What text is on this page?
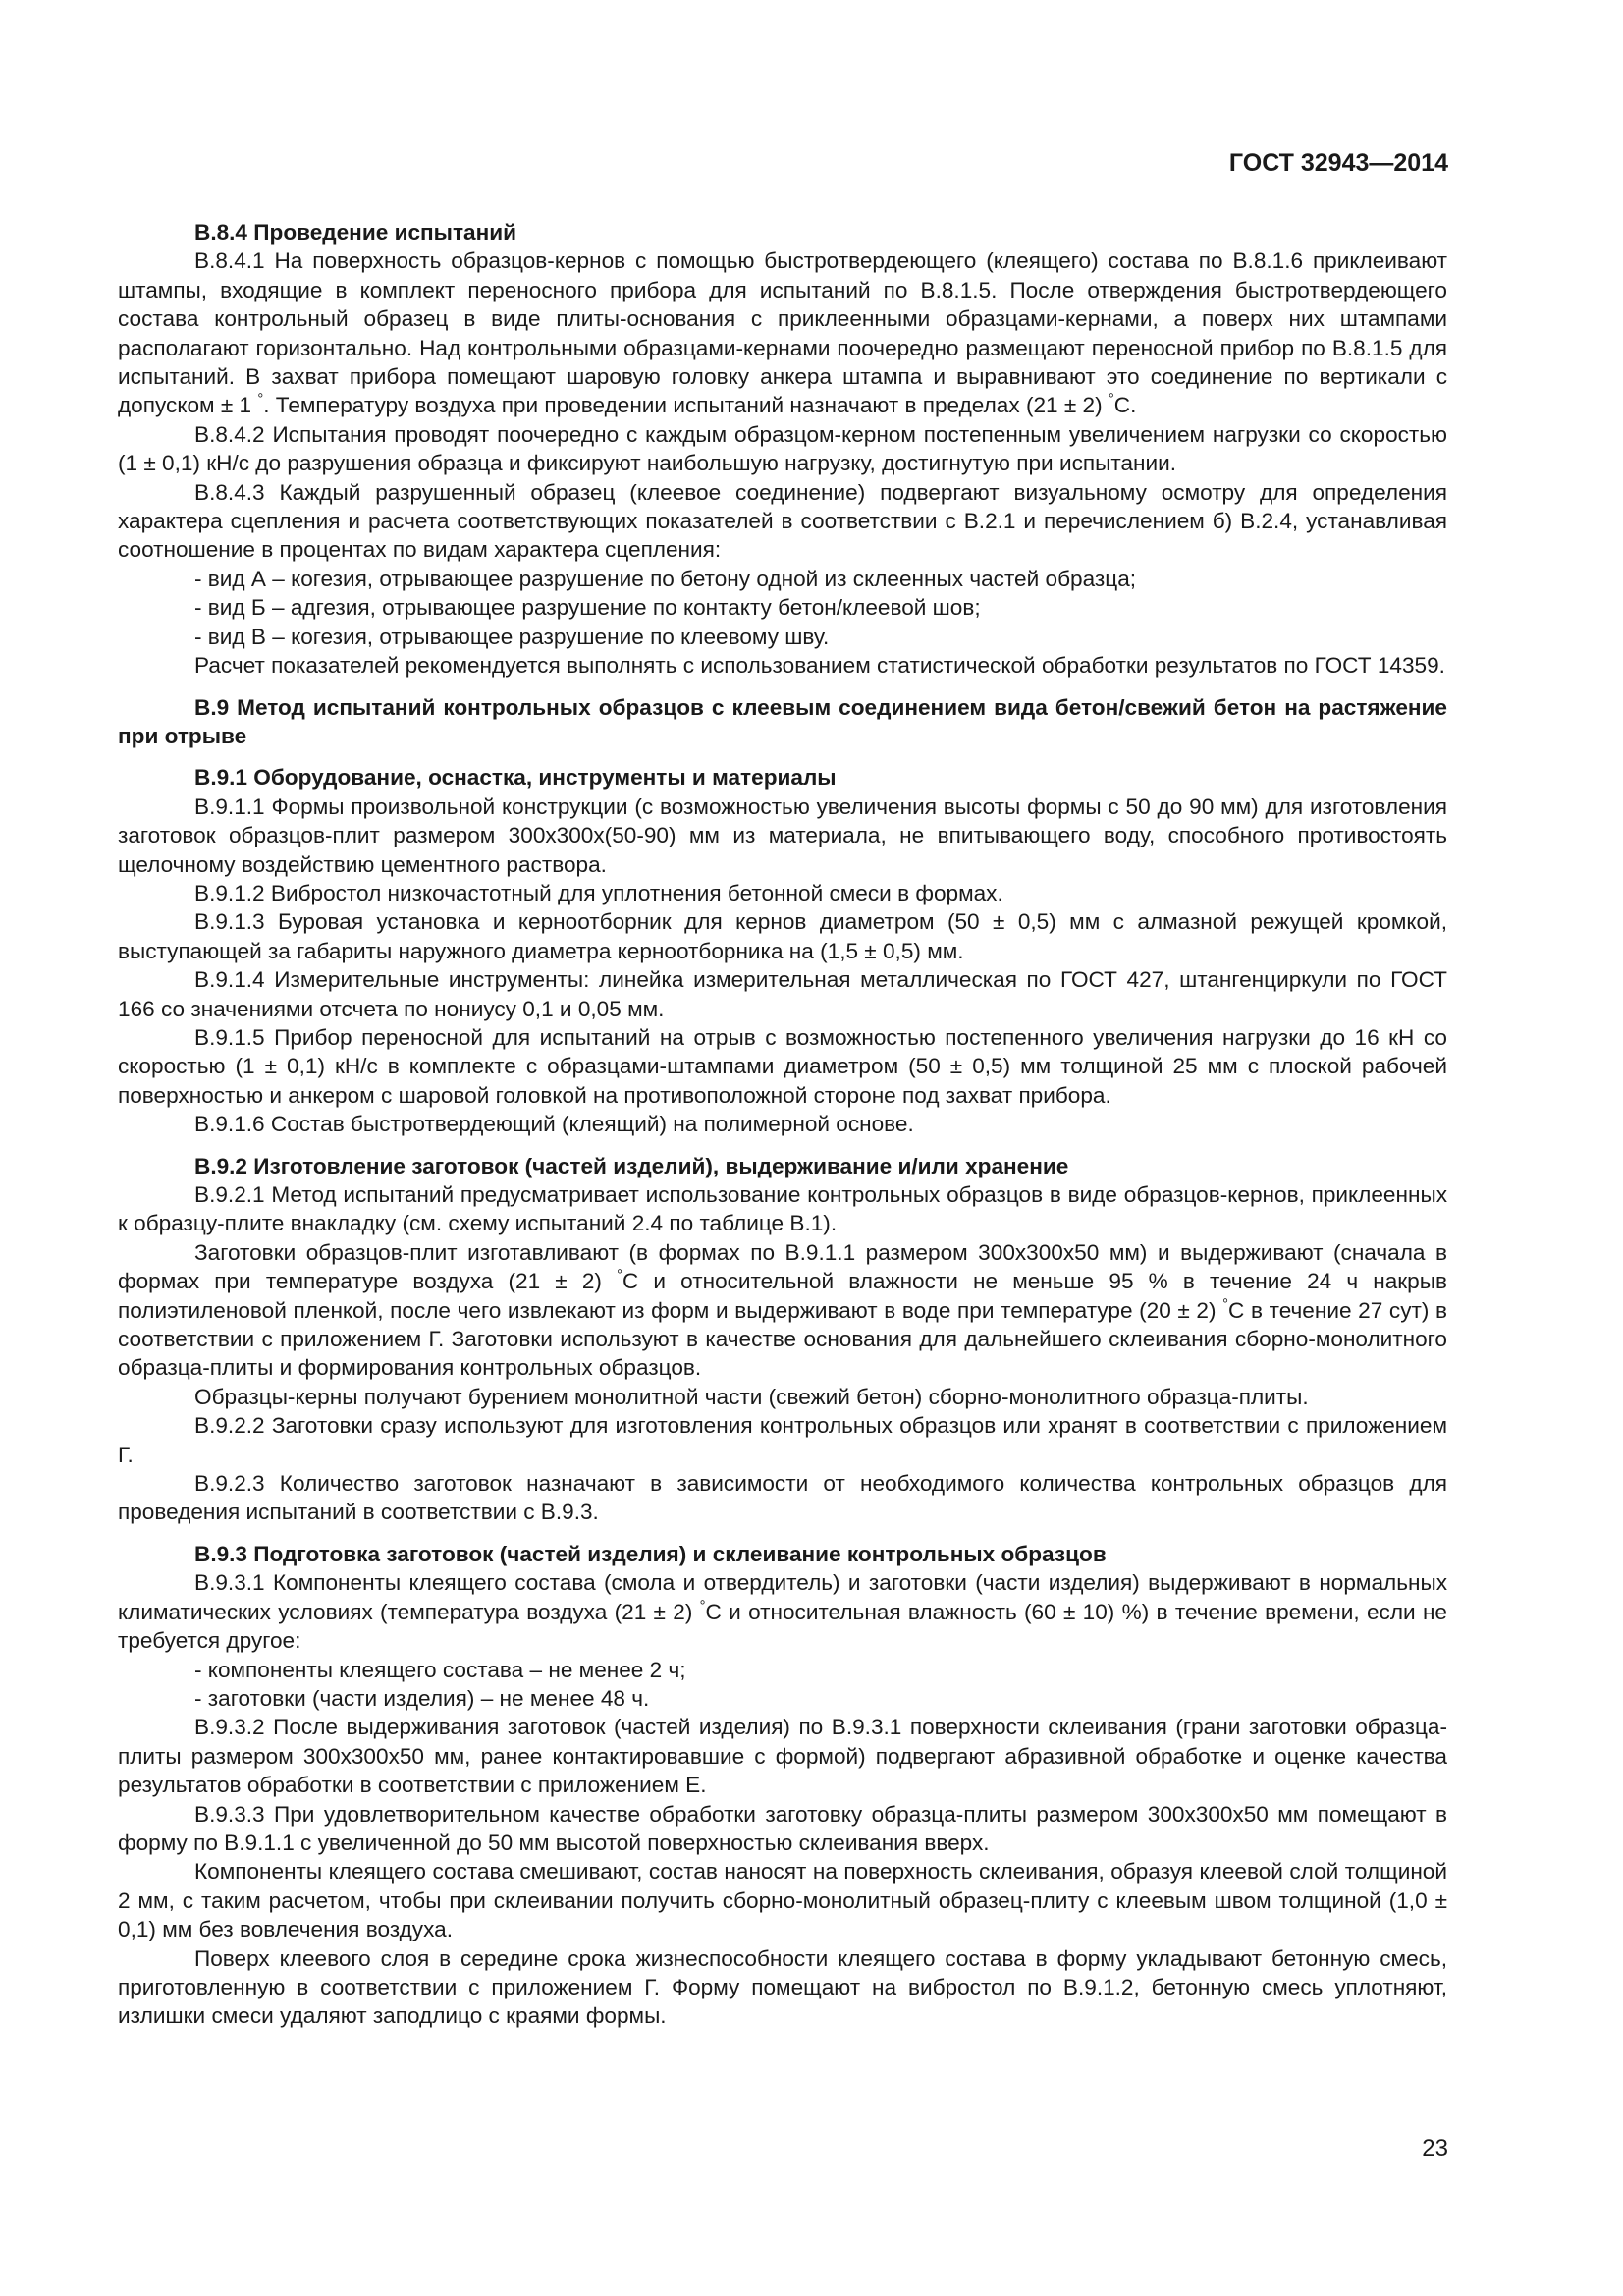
ГОСТ 32943—2014

В.8.4 Проведение испытаний

В.8.4.1 На поверхность образцов-кернов с помощью быстротвердеющего (клеящего) состава по В.8.1.6 приклеивают штампы, входящие в комплект переносного прибора для испытаний по В.8.1.5. После отверждения быстротвердеющего состава контрольный образец в виде плиты-основания с приклеенными образцами-кернами, а поверх них штампами располагают горизонтально. Над контрольными образцами-кернами поочередно размещают переносной прибор по В.8.1.5 для испытаний. В захват прибора помещают шаровую головку анкера штампа и выравнивают это соединение по вертикали с допуском ± 1 °. Температуру воздуха при проведении испытаний назначают в пределах (21 ± 2) °С.

В.8.4.2 Испытания проводят поочередно с каждым образцом-керном постепенным увеличением нагрузки со скоростью (1 ± 0,1) кН/с до разрушения образца и фиксируют наибольшую нагрузку, достигнутую при испытании.

В.8.4.3 Каждый разрушенный образец (клеевое соединение) подвергают визуальному осмотру для определения характера сцепления и расчета соответствующих показателей в соответствии с В.2.1 и перечислением б) В.2.4, устанавливая соотношение в процентах по видам характера сцепления:

- вид А – когезия, отрывающее разрушение по бетону одной из склеенных частей образца;

- вид Б – адгезия, отрывающее разрушение по контакту бетон/клеевой шов;

- вид В – когезия, отрывающее разрушение по клеевому шву.

Расчет показателей рекомендуется выполнять с использованием статистической обработки результатов по ГОСТ 14359.

В.9 Метод испытаний контрольных образцов с клеевым соединением вида бетон/свежий бетон на растяжение при отрыве

В.9.1 Оборудование, оснастка, инструменты и материалы

В.9.1.1 Формы произвольной конструкции (с возможностью увеличения высоты формы с 50 до 90 мм) для изготовления заготовок образцов-плит размером 300х300х(50-90) мм из материала, не впитывающего воду, способного противостоять щелочному воздействию цементного раствора.

В.9.1.2 Вибростол низкочастотный для уплотнения бетонной смеси в формах.

В.9.1.3 Буровая установка и керноотборник для кернов диаметром (50 ± 0,5) мм с алмазной режущей кромкой, выступающей за габариты наружного диаметра керноотборника на (1,5 ± 0,5) мм.

В.9.1.4 Измерительные инструменты: линейка измерительная металлическая по ГОСТ 427, штангенциркули по ГОСТ 166 со значениями отсчета по нониусу 0,1 и 0,05 мм.

В.9.1.5 Прибор переносной для испытаний на отрыв с возможностью постепенного увеличения нагрузки до 16 кН со скоростью (1 ± 0,1) кН/с в комплекте с образцами-штампами диаметром (50 ± 0,5) мм толщиной 25 мм с плоской рабочей поверхностью и анкером с шаровой головкой на противоположной стороне под захват прибора.

В.9.1.6 Состав быстротвердеющий (клеящий) на полимерной основе.

В.9.2 Изготовление заготовок (частей изделий), выдерживание и/или хранение

В.9.2.1 Метод испытаний предусматривает использование контрольных образцов в виде образцов-кернов, приклеенных к образцу-плите внакладку (см. схему испытаний 2.4 по таблице В.1).

Заготовки образцов-плит изготавливают (в формах по В.9.1.1 размером 300х300х50 мм) и выдерживают (сначала в формах при температуре воздуха (21 ± 2) °С и относительной влажности не меньше 95 % в течение 24 ч накрыв полиэтиленовой пленкой, после чего извлекают из форм и выдерживают в воде при температуре (20 ± 2) °С в течение 27 сут) в соответствии с приложением Г. Заготовки используют в качестве основания для дальнейшего склеивания сборно-монолитного образца-плиты и формирования контрольных образцов.

Образцы-керны получают бурением монолитной части (свежий бетон) сборно-монолитного образца-плиты.

В.9.2.2 Заготовки сразу используют для изготовления контрольных образцов или хранят в соответствии с приложением Г.

В.9.2.3 Количество заготовок назначают в зависимости от необходимого количества контрольных образцов для проведения испытаний в соответствии с В.9.3.

В.9.3 Подготовка заготовок (частей изделия) и склеивание контрольных образцов

В.9.3.1 Компоненты клеящего состава (смола и отвердитель) и заготовки (части изделия) выдерживают в нормальных климатических условиях (температура воздуха (21 ± 2) °С и относительная влажность (60 ± 10) %) в течение времени, если не требуется другое:

- компоненты клеящего состава – не менее 2 ч;

- заготовки (части изделия) – не менее 48 ч.

В.9.3.2 После выдерживания заготовок (частей изделия) по В.9.3.1 поверхности склеивания (грани заготовки образца-плиты размером 300х300х50 мм, ранее контактировавшие с формой) подвергают абразивной обработке и оценке качества результатов обработки в соответствии с приложением Е.

В.9.3.3 При удовлетворительном качестве обработки заготовку образца-плиты размером 300х300х50 мм помещают в форму по В.9.1.1 с увеличенной до 50 мм высотой поверхностью склеивания вверх.

Компоненты клеящего состава смешивают, состав наносят на поверхность склеивания, образуя клеевой слой толщиной 2 мм, с таким расчетом, чтобы при склеивании получить сборно-монолитный образец-плиту с клеевым швом толщиной (1,0 ± 0,1) мм без вовлечения воздуха.

Поверх клеевого слоя в середине срока жизнеспособности клеящего состава в форму укладывают бетонную смесь, приготовленную в соответствии с приложением Г. Форму помещают на вибростол по В.9.1.2, бетонную смесь уплотняют, излишки смеси удаляют заподлицо с краями формы.

23
